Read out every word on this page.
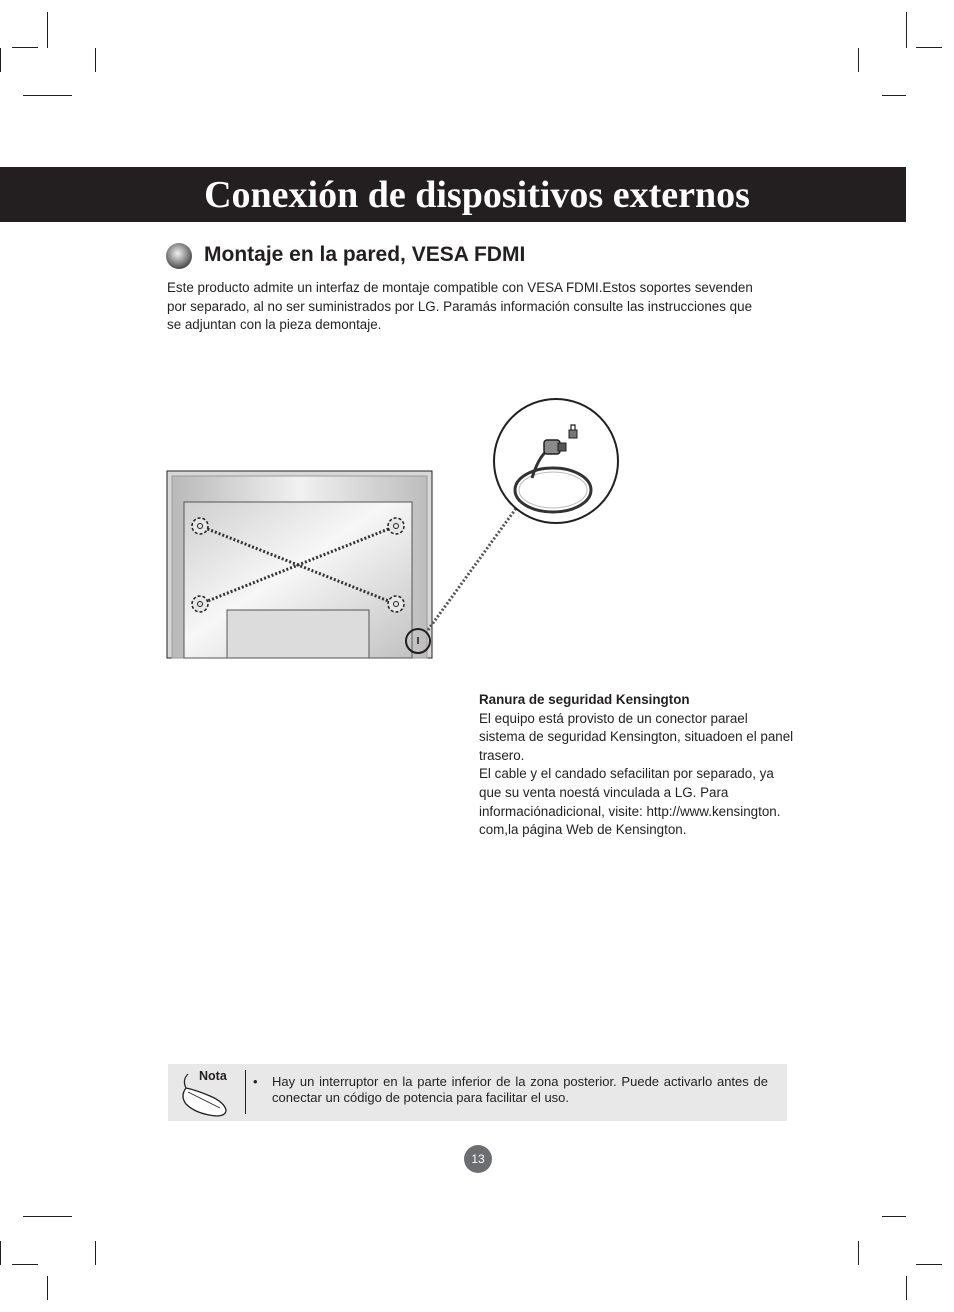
Conexión de dispositivos externos
Montaje en la pared, VESA FDMI

Este producto admite un interfaz de montaje compatible con VESA FDMI.Estos soportes sevenden por separado, al no ser suministrados por LG. Paramás información consulte las instrucciones que se adjuntan con la pieza demontaje.

Ranura de seguridad Kensington

El equipo está provisto de un conector parael sistema de seguridad Kensington, situadoen el panel trasero.

El cable y el candado sefacilitan por separado, ya que su venta noestá vinculada a LG. Para informaciónadicional, visite: http://www.kensington. com,la página Web de Kensington.

Nota • Hay un interruptor en la parte inferior de la zona posterior. Puede activarlo antes de conectar un código de potencia para facilitar el uso.

13
